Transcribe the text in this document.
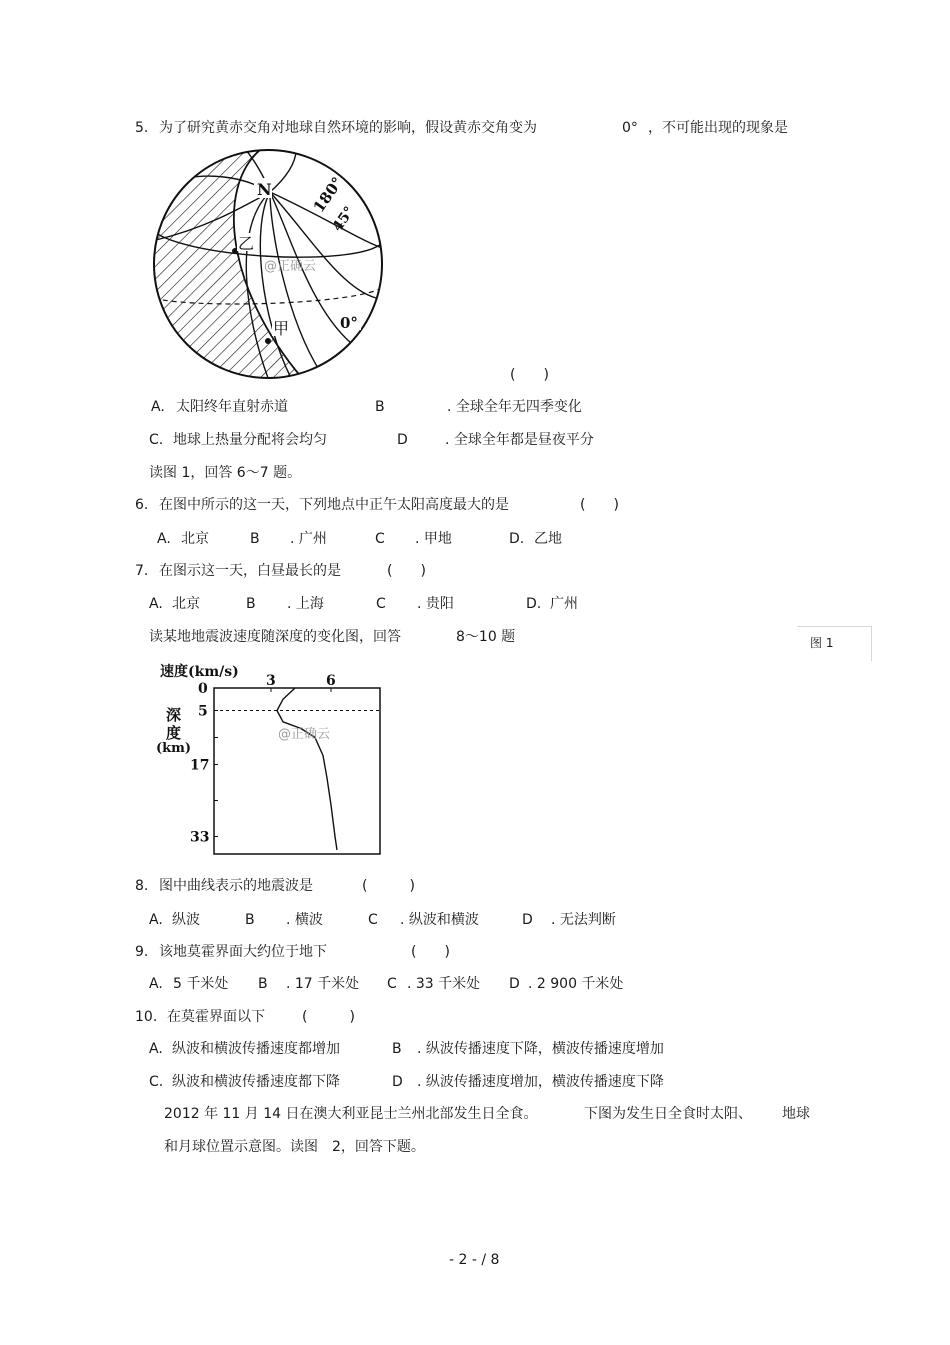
5. 为了研究黄赤交角对地球自然环境的影响，假设黄赤交角变为	0° ，不可能出现的现象是
N	180°
45°
乙
甲	0°
@正确云
(　　)
A. 太阳终年直射赤道	B	. 全球全年无四季变化
C. 地球上热量分配将会均匀	D	. 全球全年都是昼夜平分
读图 1，回答 6～7 题。
6. 在图中所示的这一天，下列地点中正午太阳高度最大的是	(　　)
A. 北京	B . 广州	C . 甲地	D. 乙地
7. 在图示这一天，白昼最长的是	(　　)
A. 北京	B . 上海	C . 贵阳	D. 广州
读某地地震波速度随深度的变化图，回答	8～10 题	图 1
速度(km/s)
深
度
(km)
3	6
0
5
17
33
@正确云
8. 图中曲线表示的地震波是	(　　　)
A. 纵波	B . 横波	C . 纵波和横波	D . 无法判断
9. 该地莫霍界面大约位于地下	(　　)
A. 5 千米处 B . 17 千米处 C . 33 千米处 D . 2 900 千米处
10. 在莫霍界面以下	(　　　)
A. 纵波和横波传播速度都增加	B . 纵波传播速度下降，横波传播速度增加
C. 纵波和横波传播速度都下降	D . 纵波传播速度增加，横波传播速度下降
2012 年 11 月 14 日在澳大利亚昆士兰州北部发生日全食。	下图为发生日全食时太阳、 地球
和月球位置示意图。读图　2，回答下题。
- 2 - / 8
